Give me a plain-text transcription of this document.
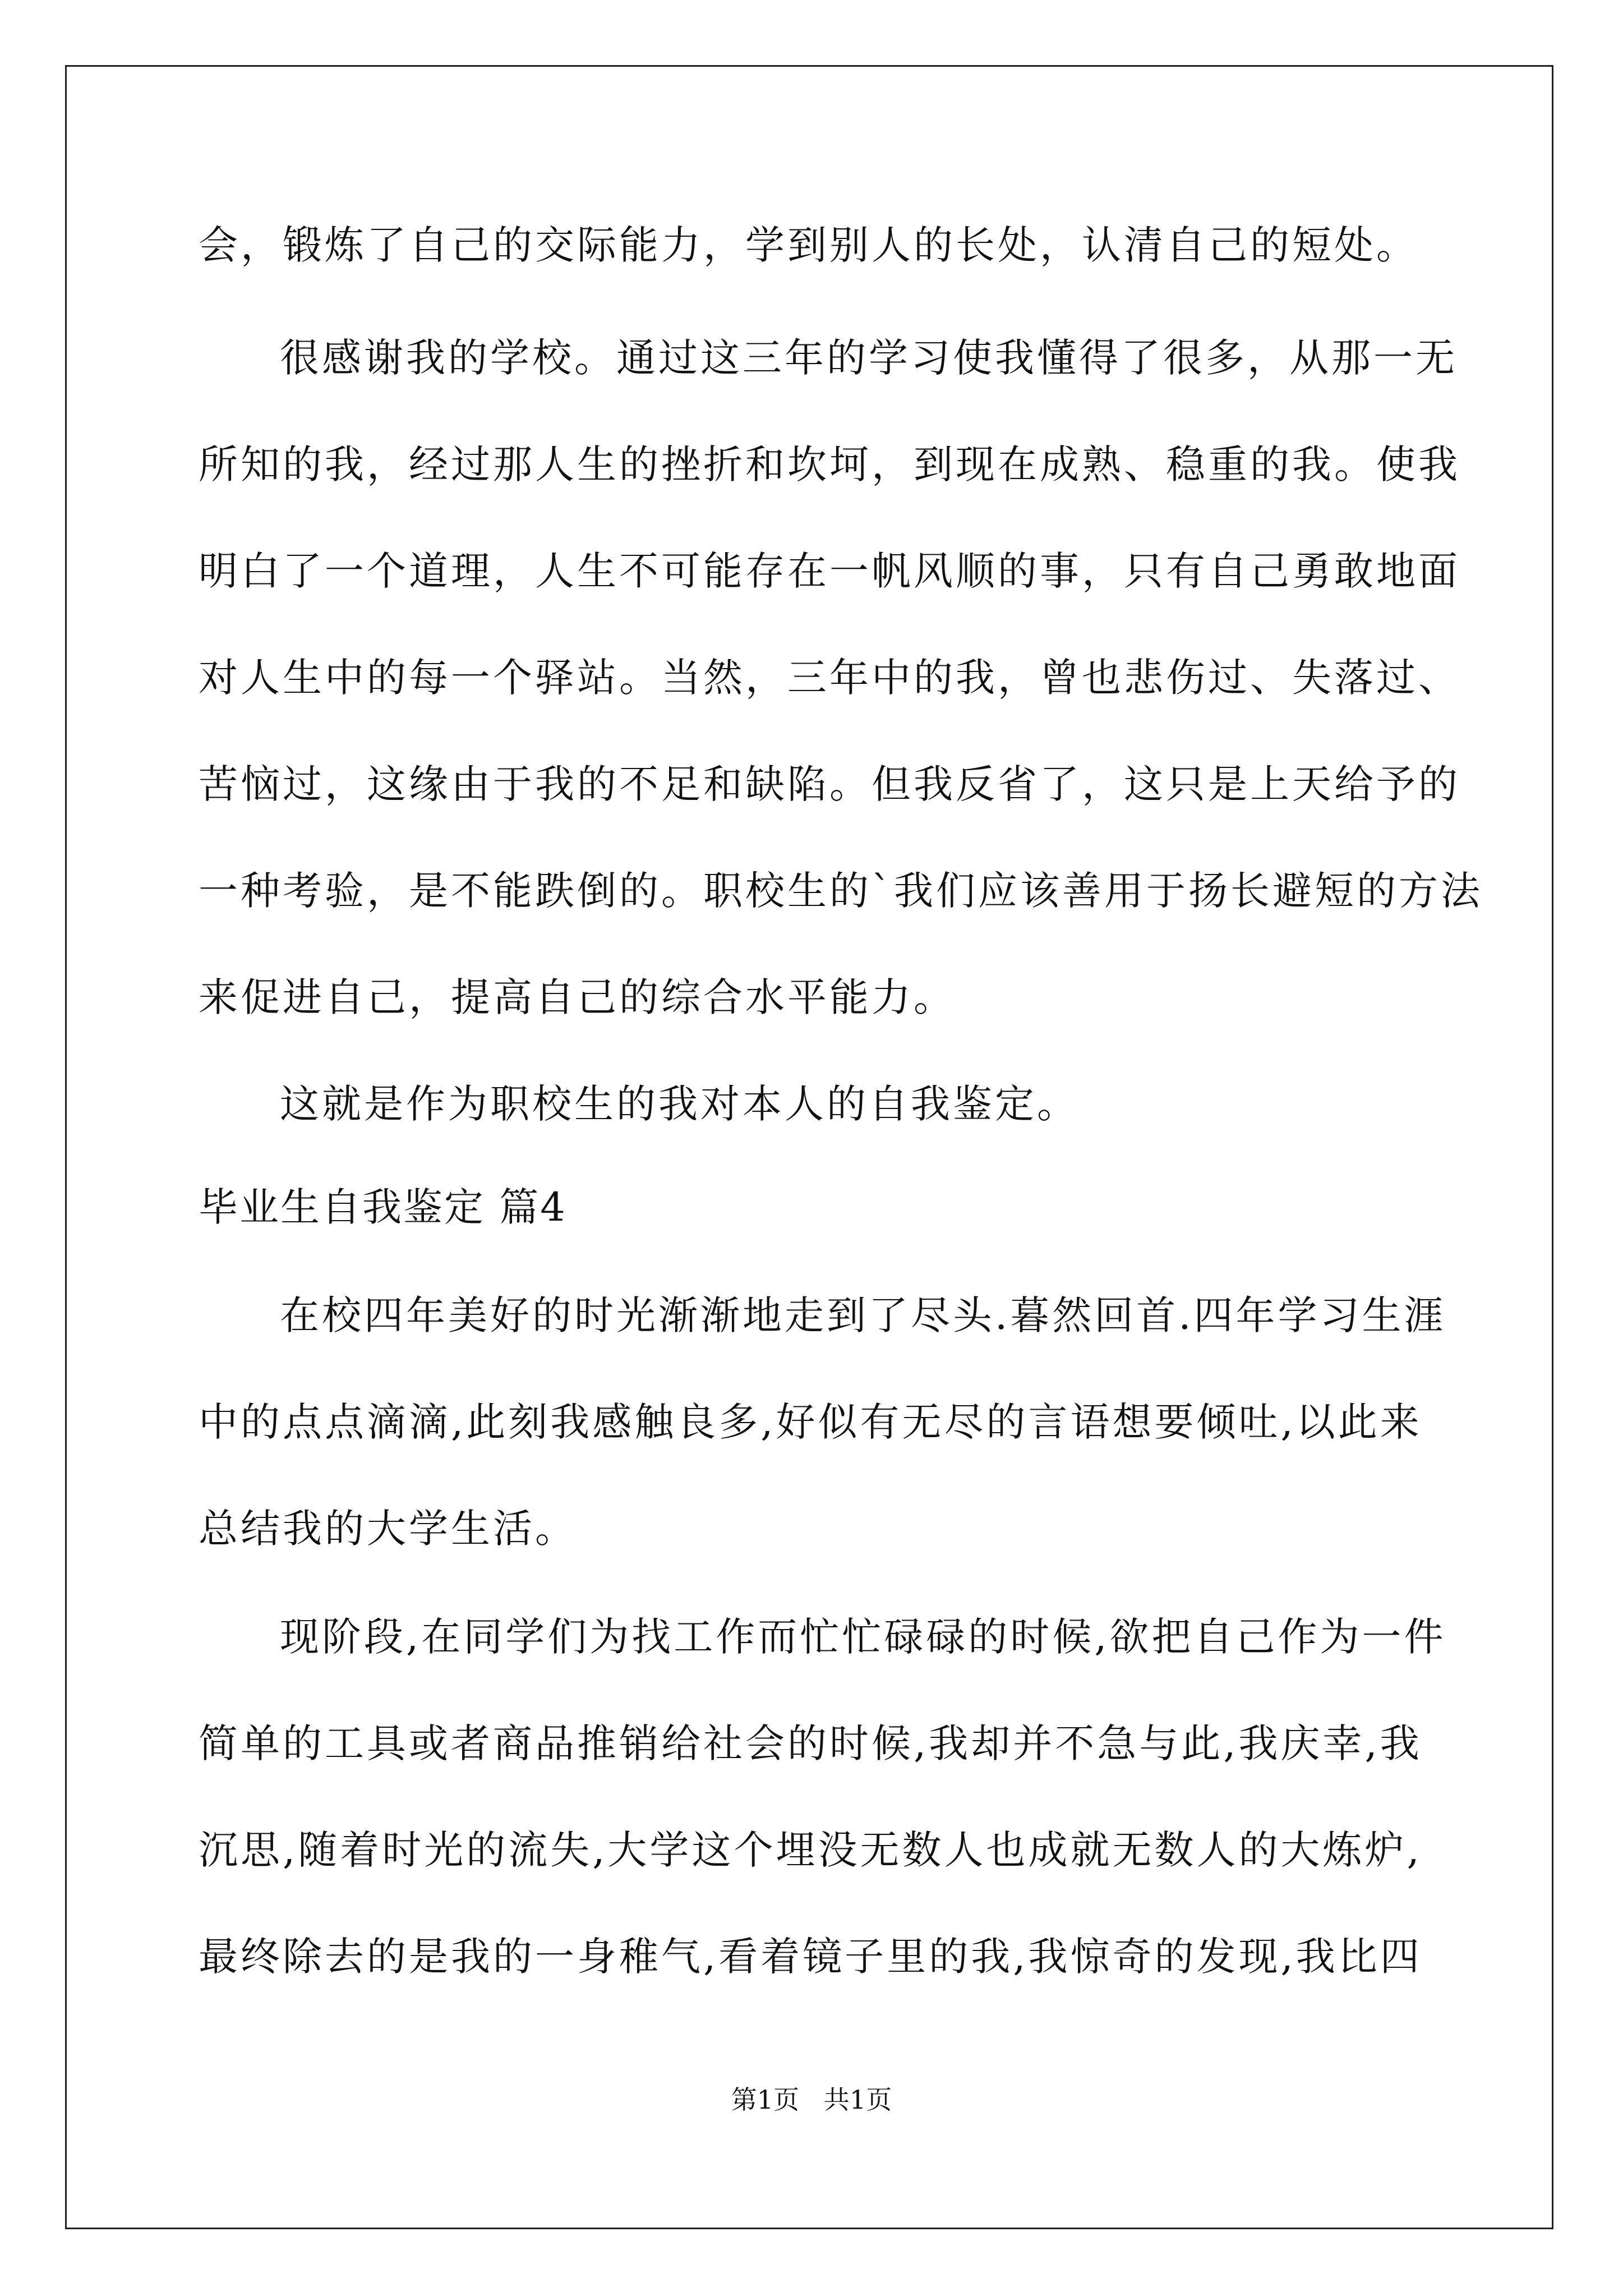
会，锻炼了自己的交际能力，学到别人的长处，认清自己的短处。
很感谢我的学校。通过这三年的学习使我懂得了很多，从那一无
所知的我，经过那人生的挫折和坎坷，到现在成熟、稳重的我。使我
明白了一个道理，人生不可能存在一帆风顺的事，只有自己勇敢地面
对人生中的每一个驿站。当然，三年中的我，曾也悲伤过、失落过、
苦恼过，这缘由于我的不足和缺陷。但我反省了，这只是上天给予的
一种考验，是不能跌倒的。职校生的`我们应该善用于扬长避短的方法
来促进自己，提高自己的综合水平能力。
这就是作为职校生的我对本人的自我鉴定。
毕业生自我鉴定 篇4
在校四年美好的时光渐渐地走到了尽头.暮然回首.四年学习生涯
中的点点滴滴,此刻我感触良多,好似有无尽的言语想要倾吐,以此来
总结我的大学生活。
现阶段,在同学们为找工作而忙忙碌碌的时候,欲把自己作为一件
简单的工具或者商品推销给社会的时候,我却并不急与此,我庆幸,我
沉思,随着时光的流失,大学这个埋没无数人也成就无数人的大炼炉,
最终除去的是我的一身稚气,看着镜子里的我,我惊奇的发现,我比四
第1页   共1页
